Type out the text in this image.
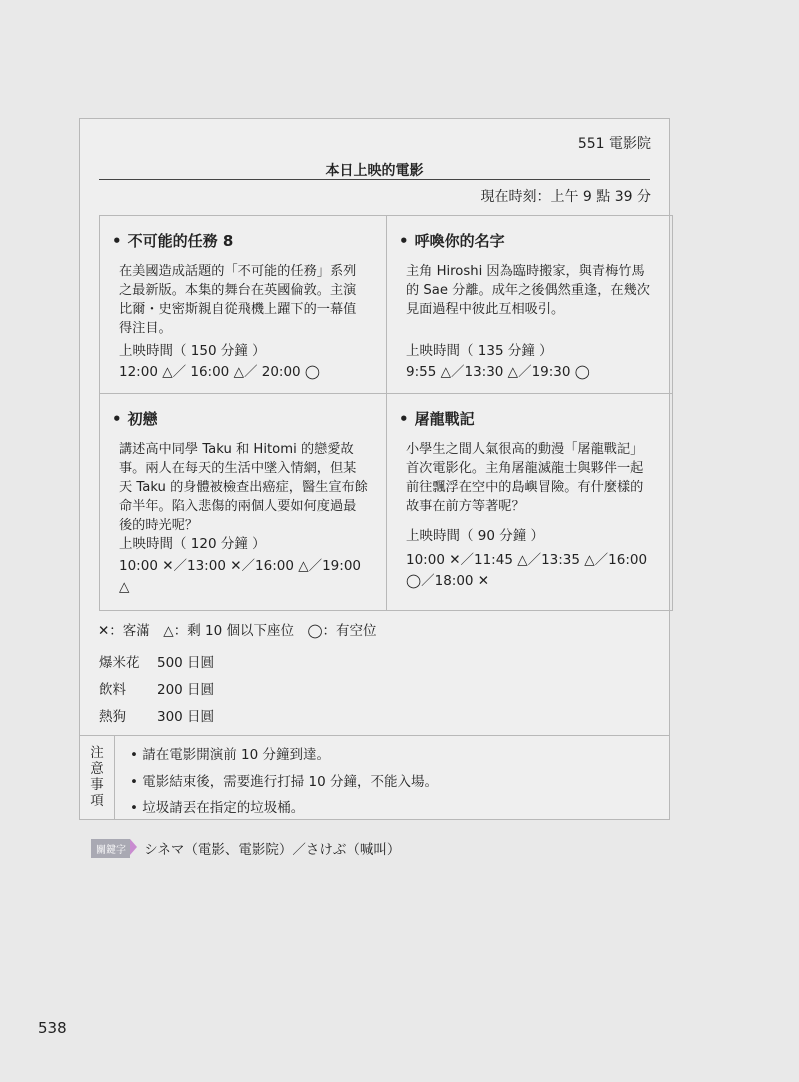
551 電影院
本日上映的電影
現在時刻：上午 9 點 39 分
• 不可能的任務 8
在美國造成話題的「不可能的任務」系列之最新版。本集的舞台在英國倫敦。主演比爾・史密斯親自從飛機上躍下的一幕值得注目。
上映時間（ 150 分鐘 ）
12:00 △／ 16:00 △／ 20:00 ◯
• 呼喚你的名字
主角 Hiroshi 因為臨時搬家，與青梅竹馬的 Sae 分離。成年之後偶然重逢，在幾次見面過程中彼此互相吸引。
上映時間（ 135 分鐘 ）
9:55 △／13:30 △／19:30 ◯
• 初戀
講述高中同學 Taku 和 Hitomi 的戀愛故事。兩人在每天的生活中墜入情網，但某天 Taku 的身體被檢查出癌症，醫生宣布餘命半年。陷入悲傷的兩個人要如何度過最後的時光呢？
上映時間（ 120 分鐘 ）
10:00 ✕／13:00 ✕／16:00 △／19:00 △
• 屠龍戰記
小學生之間人氣很高的動漫「屠龍戰記」首次電影化。主角屠龍滅龍士與夥伴一起前往飄浮在空中的島嶼冒險。有什麼樣的故事在前方等著呢？
上映時間（ 90 分鐘 ）
10:00 ✕／11:45 △／13:35 △／16:00 ◯／18:00 ✕
✕：客滿　△：剩 10 個以下座位　◯：有空位
爆米花 500 日圓
飲料 200 日圓
熱狗 300 日圓
注意事項
• 請在電影開演前 10 分鐘到達。
• 電影結束後，需要進行打掃 10 分鐘，不能入場。
• 垃圾請丟在指定的垃圾桶。
關鍵字 シネマ（電影、電影院）／さけぶ（喊叫）
538
